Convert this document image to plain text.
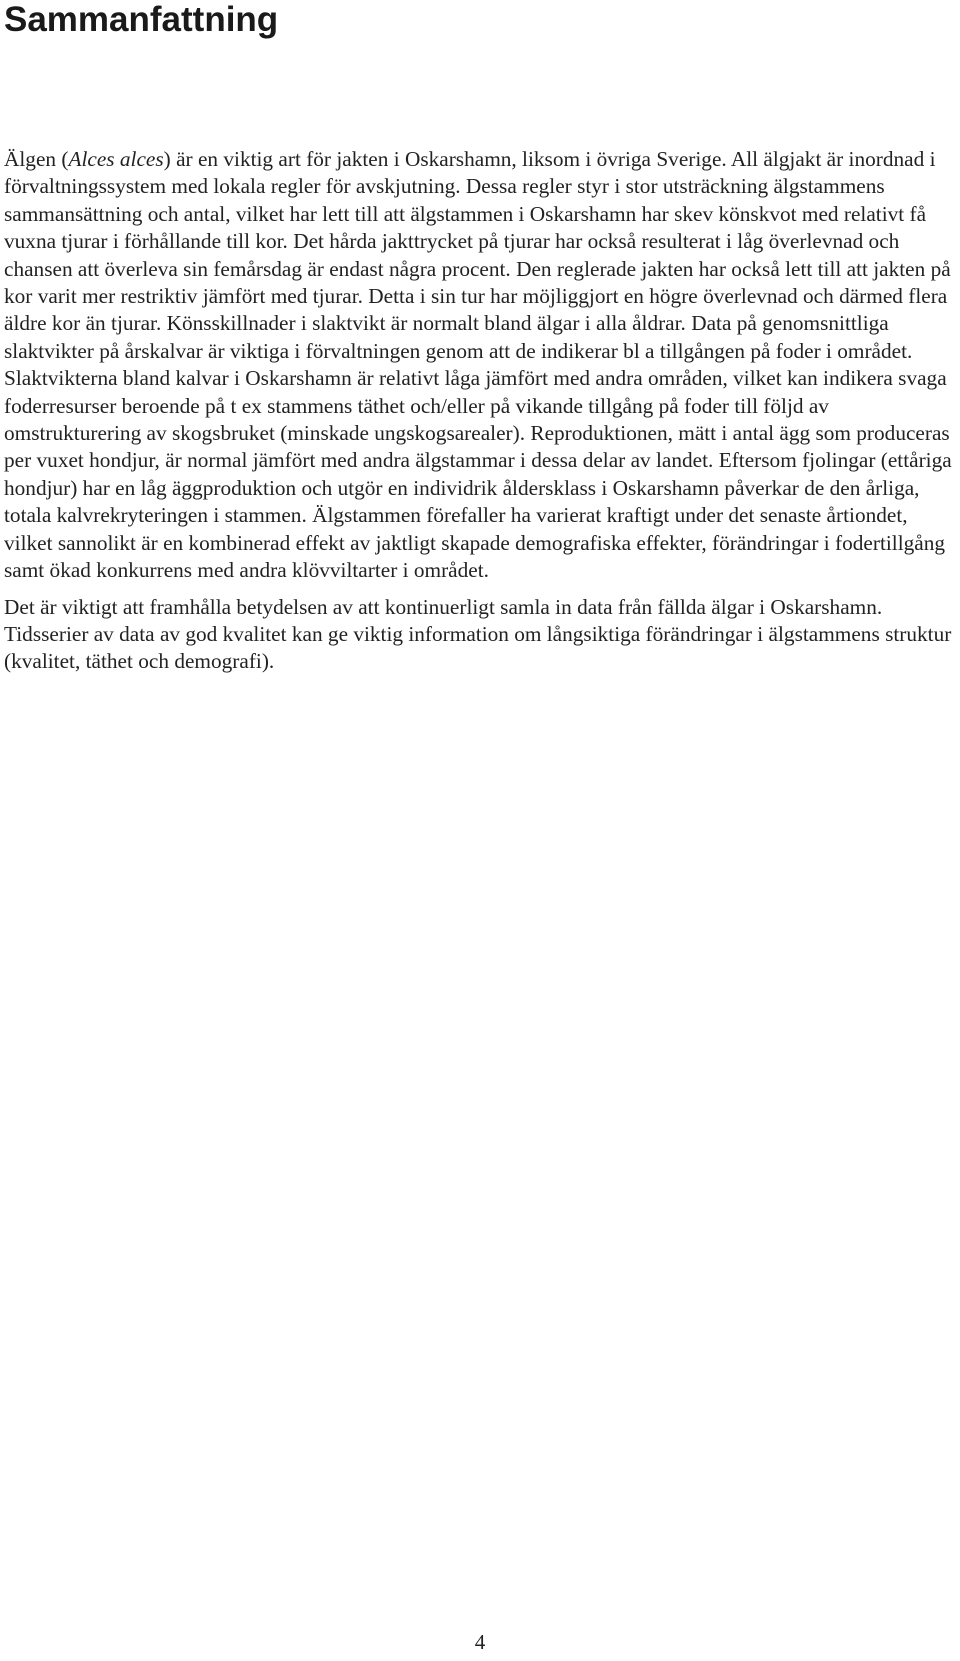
Sammanfattning

Älgen (Alces alces) är en viktig art för jakten i Oskarshamn, liksom i övriga Sverige. All älgjakt är inordnad i förvaltningssystem med lokala regler för avskjutning. Dessa regler styr i stor utsträckning älgstammens sammansättning och antal, vilket har lett till att älgstammen i Oskarshamn har skev könskvot med relativt få vuxna tjurar i förhållande till kor. Det hårda jakttrycket på tjurar har också resulterat i låg överlevnad och chansen att överleva sin femårsdag är endast några procent. Den reglerade jakten har också lett till att jakten på kor varit mer restriktiv jämfört med tjurar. Detta i sin tur har möjliggjort en högre överlevnad och därmed flera äldre kor än tjurar. Könsskillnader i slaktvikt är normalt bland älgar i alla åldrar. Data på genomsnittliga slaktvikter på årskalvar är viktiga i förvaltningen genom att de indikerar bl a tillgången på foder i området. Slaktvikterna bland kalvar i Oskarshamn är relativt låga jämfört med andra områden, vilket kan indikera svaga foderresurser beroende på t ex stammens täthet och/eller på vikande tillgång på foder till följd av omstrukturering av skogsbruket (minskade ungskogsarealer). Reproduktionen, mätt i antal ägg som produceras per vuxet hondjur, är normal jämfört med andra älgstammar i dessa delar av landet. Eftersom fjolingar (ettåriga hondjur) har en låg äggproduktion och utgör en individrik åldersklass i Oskarshamn påverkar de den årliga, totala kalvrekryteringen i stammen. Älgstammen förefaller ha varierat kraftigt under det senaste årtiondet, vilket sannolikt är en kombinerad effekt av jaktligt skapade demografiska effekter, förändringar i fodertillgång samt ökad konkurrens med andra klövviltarter i området.

Det är viktigt att framhålla betydelsen av att kontinuerligt samla in data från fällda älgar i Oskarshamn. Tidsserier av data av god kvalitet kan ge viktig information om långsiktiga förändringar i älgstammens struktur (kvalitet, täthet och demografi).

4
